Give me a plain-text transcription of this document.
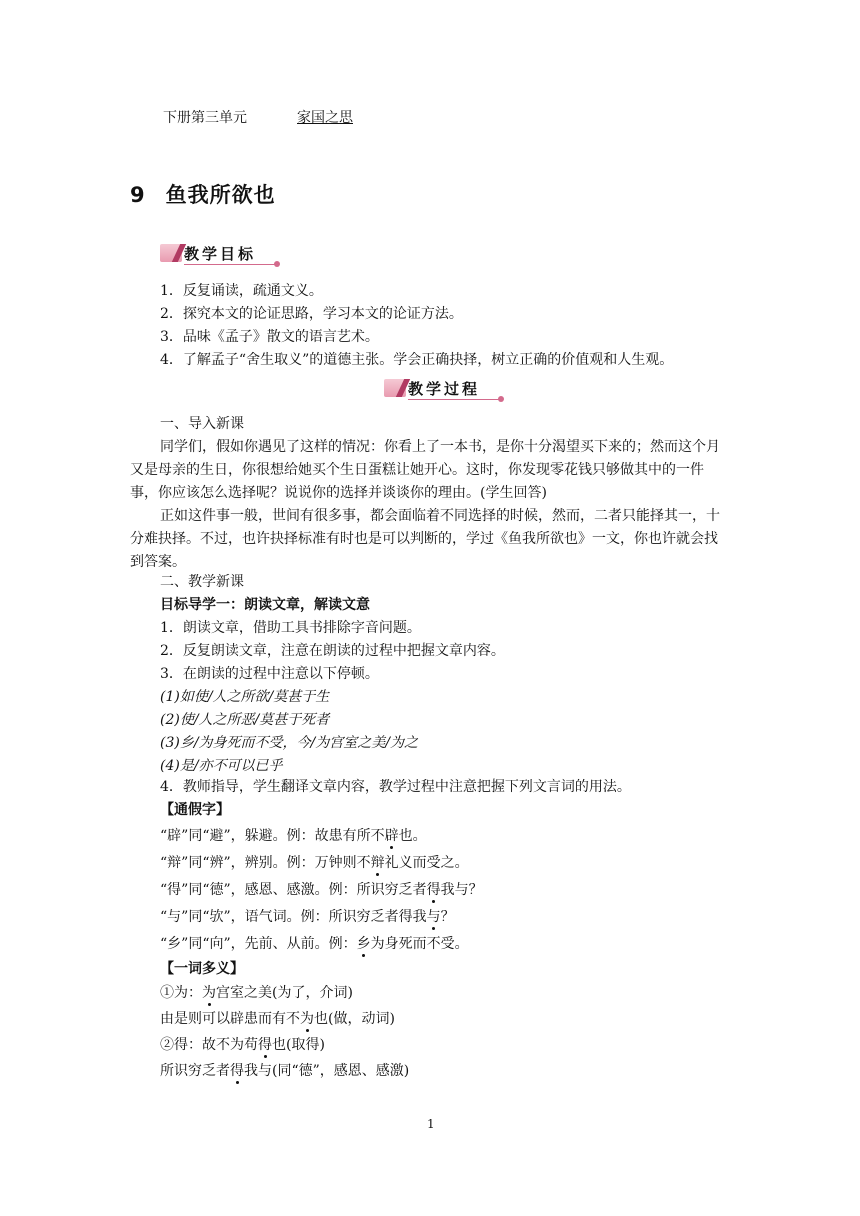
下册第三单元	家国之思
9 鱼我所欲也
教学目标
1．反复诵读，疏通文义。
2．探究本文的论证思路，学习本文的论证方法。
3．品味《孟子》散文的语言艺术。
4．了解孟子“舍生取义”的道德主张。学会正确抉择，树立正确的价值观和人生观。
教学过程
一、导入新课
同学们，假如你遇见了这样的情况：你看上了一本书，是你十分渴望买下来的；然而这个月又是母亲的生日，你很想给她买个生日蛋糕让她开心。这时，你发现零花钱只够做其中的一件事，你应该怎么选择呢？说说你的选择并谈谈你的理由。(学生回答)
正如这件事一般，世间有很多事，都会面临着不同选择的时候，然而，二者只能择其一，十分难抉择。不过，也许抉择标准有时也是可以判断的，学过《鱼我所欲也》一文，你也许就会找到答案。
二、教学新课
目标导学一：朗读文章，解读文意
1．朗读文章，借助工具书排除字音问题。
2．反复朗读文章，注意在朗读的过程中把握文章内容。
3．在朗读的过程中注意以下停顿。
(1)如使/人之所欲/莫甚于生
(2)使/人之所恶/莫甚于死者
(3)乡/为身死而不受，今/为宫室之美/为之
(4)是/亦不可以已乎
4．教师指导，学生翻译文章内容，教学过程中注意把握下列文言词的用法。
【通假字】
“辟”同“避”，躲避。例：故患有所不辟也。
“辩”同“辨”，辨别。例：万钟则不辩礼义而受之。
“得”同“德”，感恩、感激。例：所识穷乏者得我与？
“与”同“欤”，语气词。例：所识穷乏者得我与？
“乡”同“向”，先前、从前。例：乡为身死而不受。
【一词多义】
①为：为宫室之美(为了，介词)
由是则可以辟患而有不为也(做，动词)
②得：故不为苟得也(取得)
所识穷乏者得我与(同“德”，感恩、感激)
1
